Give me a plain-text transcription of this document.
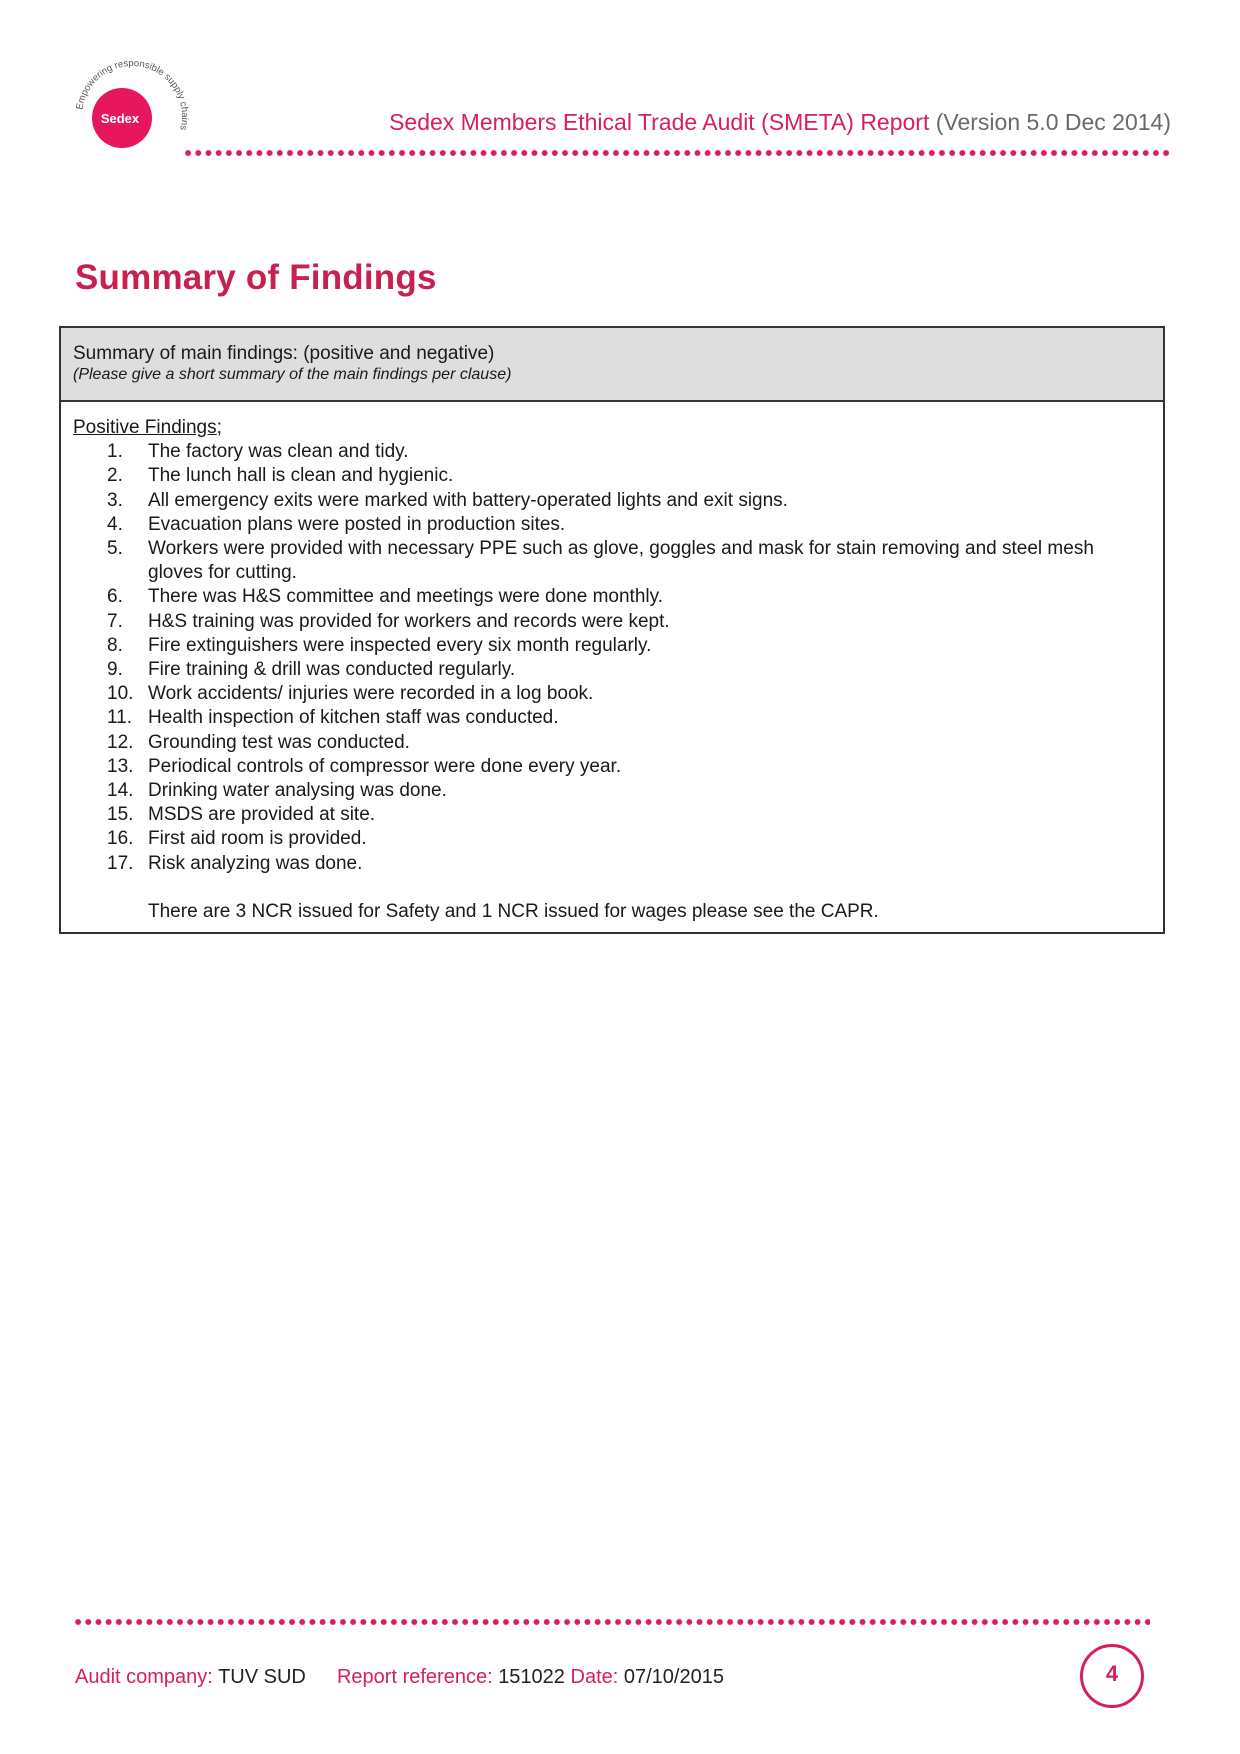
Empowering responsible supply chains
Sedex	Sedex Members Ethical Trade Audit (SMETA) Report (Version 5.0 Dec 2014)
Summary of Findings
Summary of main findings: (positive and negative)
(Please give a short summary of the main findings per clause)
Positive Findings;
1. The factory was clean and tidy.
2. The lunch hall is clean and hygienic.
3. All emergency exits were marked with battery-operated lights and exit signs.
4. Evacuation plans were posted in production sites.
5. Workers were provided with necessary PPE such as glove, goggles and mask for stain removing and steel mesh gloves for cutting.
6. There was H&S committee and meetings were done monthly.
7. H&S training was provided for workers and records were kept.
8. Fire extinguishers were inspected every six month regularly.
9. Fire training & drill was conducted regularly.
10. Work accidents/ injuries were recorded in a log book.
11. Health inspection of kitchen staff was conducted.
12. Grounding test was conducted.
13. Periodical controls of compressor were done every year.
14. Drinking water analysing was done.
15. MSDS are provided at site.
16. First aid room is provided.
17. Risk analyzing was done.
There are 3 NCR issued for Safety and 1 NCR issued for wages please see the CAPR.
Audit company: TUV SUD Report reference: 151022 Date: 07/10/2015	4
